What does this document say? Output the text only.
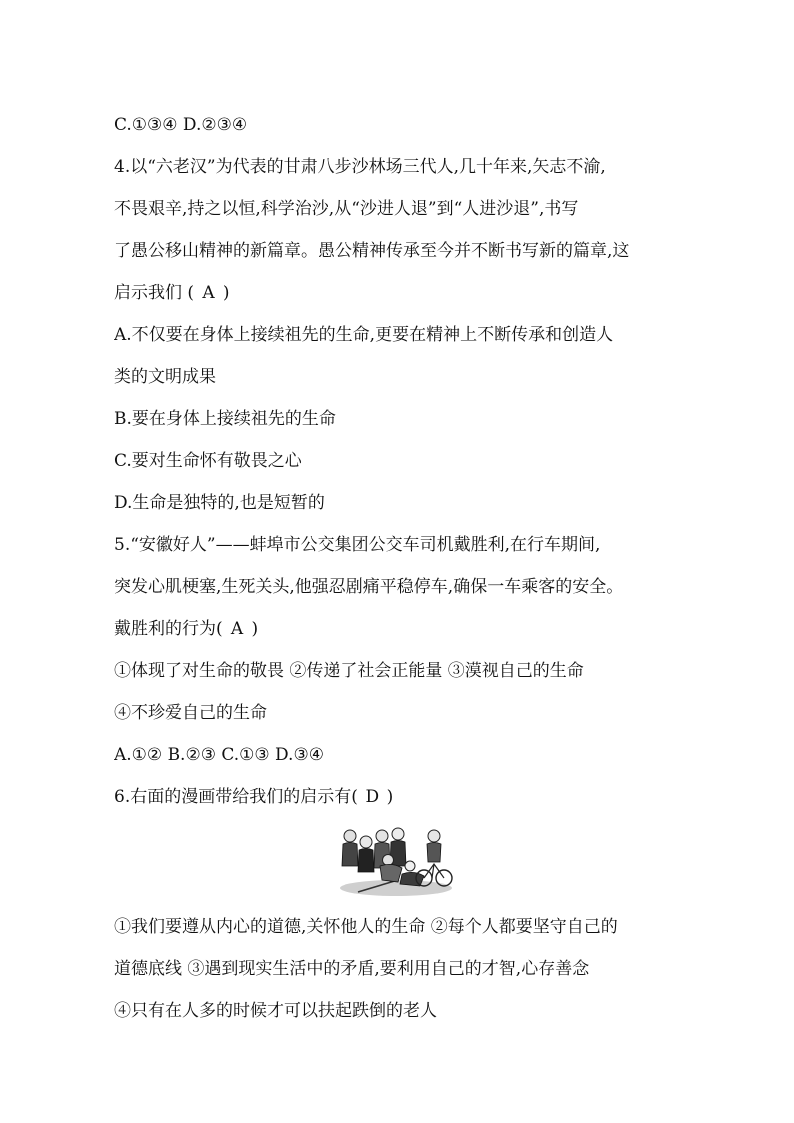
C.①③④ D.②③④
4.以“六老汉”为代表的甘肃八步沙林场三代人,几十年来,矢志不渝,
不畏艰辛,持之以恒,科学治沙,从“沙进人退”到“人进沙退”,书写
了愚公移山精神的新篇章。愚公精神传承至今并不断书写新的篇章,这
启示我们 ( A )
A.不仅要在身体上接续祖先的生命,更要在精神上不断传承和创造人
类的文明成果
B.要在身体上接续祖先的生命
C.要对生命怀有敬畏之心
D.生命是独特的,也是短暂的
5.“安徽好人”——蚌埠市公交集团公交车司机戴胜利,在行车期间,
突发心肌梗塞,生死关头,他强忍剧痛平稳停车,确保一车乘客的安全。
戴胜利的行为( A )
①体现了对生命的敬畏 ②传递了社会正能量 ③漠视自己的生命
④不珍爱自己的生命
A.①② B.②③ C.①③ D.③④
6.右面的漫画带给我们的启示有( D )
①我们要遵从内心的道德,关怀他人的生命 ②每个人都要坚守自己的
道德底线 ③遇到现实生活中的矛盾,要利用自己的才智,心存善念
④只有在人多的时候才可以扶起跌倒的老人
